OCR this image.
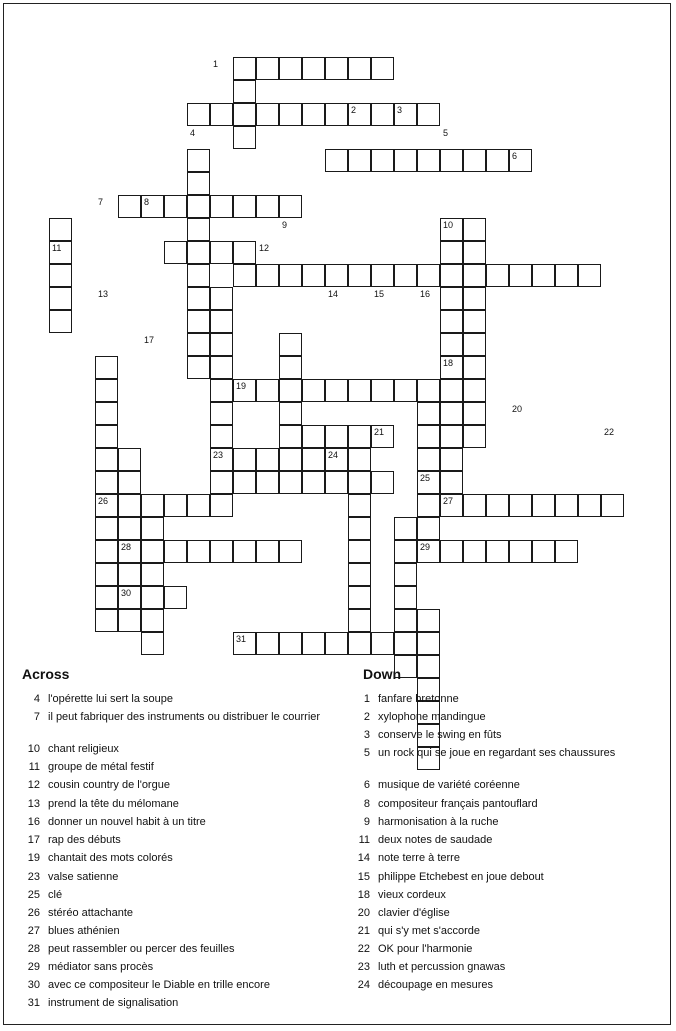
1
2	3
4	5
6
7	8
9	10
11	12
13	14	15	16
17
18
19
20
21	22
23	24
25
26	27
28	29
30
31
Across	Down
4 l'opérette lui sert la soupe
7 il peut fabriquer des instruments ou distribuer le courrier
10 chant religieux
11 groupe de métal festif
12 cousin country de l'orgue
13 prend la tête du mélomane
16 donner un nouvel habit à un titre
17 rap des débuts
19 chantait des mots colorés
23 valse satienne
25 clé
26 stéréo attachante
27 blues athénien
28 peut rassembler ou percer des feuilles
29 médiator sans procès
30 avec ce compositeur le Diable en trille encore
31 instrument de signalisation
1 fanfare bretonne
2 xylophone mandingue
3 conserve le swing en fûts
5 un rock qui se joue en regardant ses chaussures
6 musique de variété coréenne
8 compositeur français pantouflard
9 harmonisation à la ruche
11 deux notes de saudade
14 note terre à terre
15 philippe Etchebest en joue debout
18 vieux cordeux
20 clavier d'église
21 qui s'y met s'accorde
22 OK pour l'harmonie
23 luth et percussion gnawas
24 découpage en mesures
